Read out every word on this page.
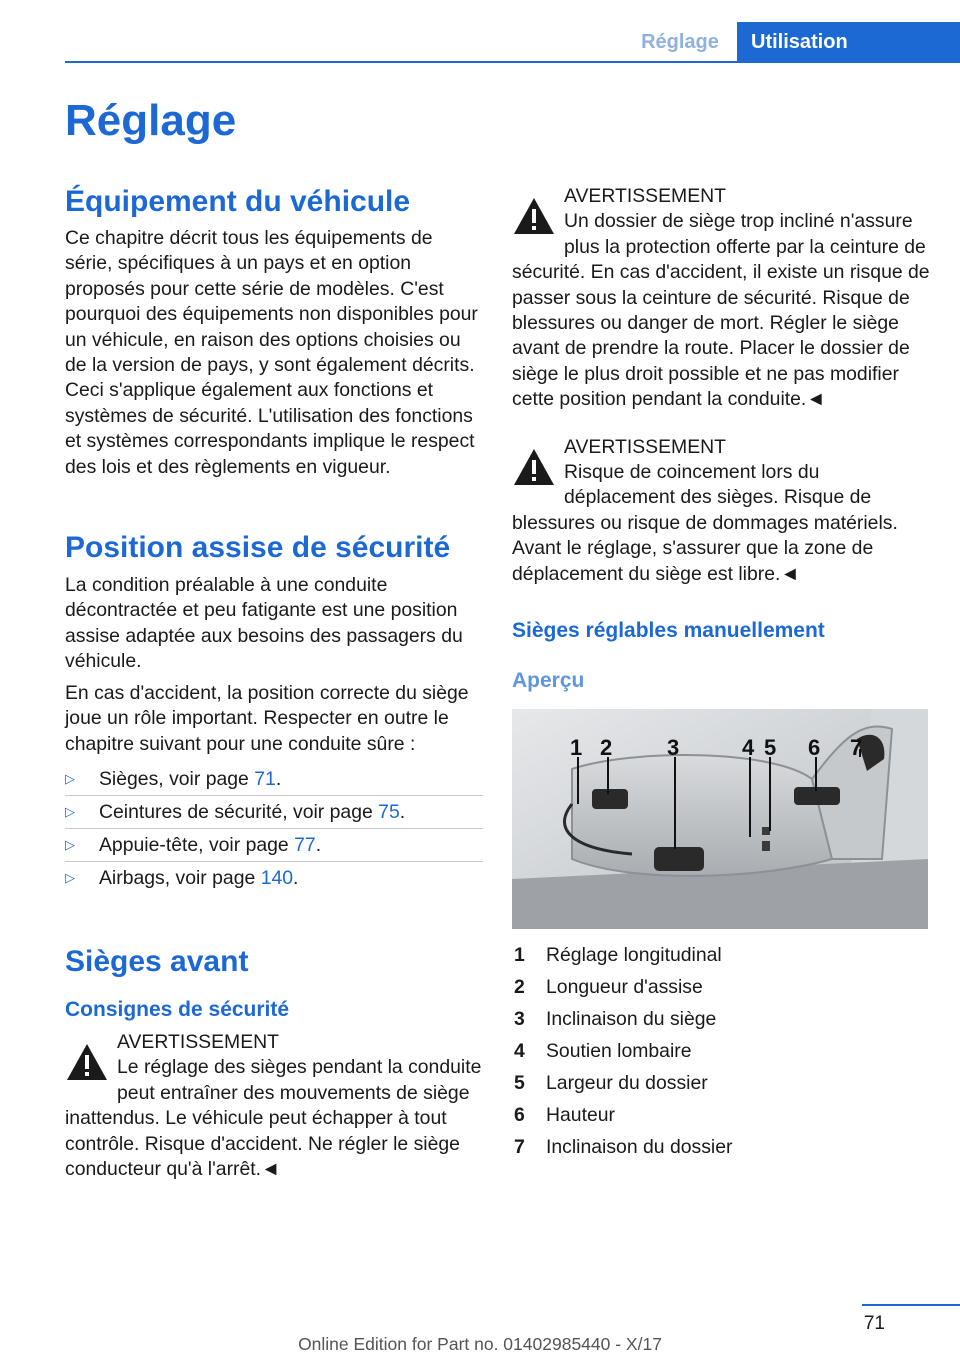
Réglage	Utilisation
Réglage
Équipement du véhicule

Ce chapitre décrit tous les équipements de série, spécifiques à un pays et en option proposés pour cette série de modèles. C'est pourquoi des équipements non disponibles pour un véhicule, en raison des options choisies ou de la version de pays, y sont également décrits. Ceci s'applique également aux fonctions et systèmes de sécurité. L'utilisation des fonctions et systèmes correspondants implique le respect des lois et des règlements en vigueur.

Position assise de sécurité

La condition préalable à une conduite décontractée et peu fatigante est une position assise adaptée aux besoins des passagers du véhicule.

En cas d'accident, la position correcte du siège joue un rôle important. Respecter en outre le chapitre suivant pour une conduite sûre :

▷ Sièges, voir page 71.
▷ Ceintures de sécurité, voir page 75.
▷ Appuie-tête, voir page 77.
▷ Airbags, voir page 140.
Sièges avant
Consignes de sécurité
AVERTISSEMENT

Le réglage des sièges pendant la conduite peut entraîner des mouvements de siège inattendus. Le véhicule peut échapper à tout contrôle. Risque d'accident. Ne régler le siège conducteur qu'à l'arrêt.◄

AVERTISSEMENT

Un dossier de siège trop incliné n'assure plus la protection offerte par la ceinture de sécurité. En cas d'accident, il existe un risque de passer sous la ceinture de sécurité. Risque de blessures ou danger de mort. Régler le siège avant de prendre la route. Placer le dossier de siège le plus droit possible et ne pas modifier cette position pendant la conduite.◄

AVERTISSEMENT

Risque de coincement lors du déplacement des sièges. Risque de blessures ou risque de dommages matériels. Avant le réglage, s'assurer que la zone de déplacement du siège est libre.◄

Sièges réglables manuellement
Aperçu
1 2 3	4 5 6 7
1 Réglage longitudinal
2 Longueur d'assise
3 Inclinaison du siège
4 Soutien lombaire
5 Largeur du dossier
6 Hauteur
7 Inclinaison du dossier
71
Online Edition for Part no. 01402985440 - X/17
